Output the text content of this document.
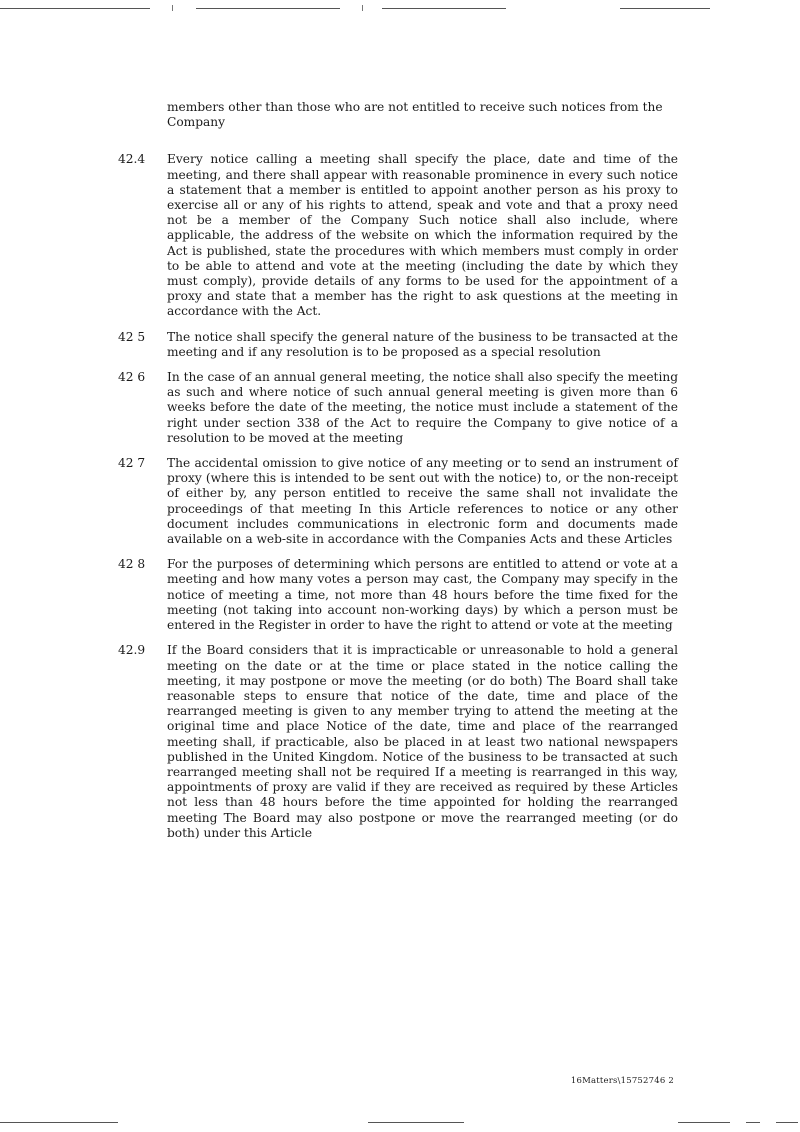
members other than those who are not entitled to receive such notices from the Company

42.4 Every notice calling a meeting shall specify the place, date and time of the meeting, and there shall appear with reasonable prominence in every such notice a statement that a member is entitled to appoint another person as his proxy to exercise all or any of his rights to attend, speak and vote and that a proxy need not be a member of the Company Such notice shall also include, where applicable, the address of the website on which the information required by the Act is published, state the procedures with which members must comply in order to be able to attend and vote at the meeting (including the date by which they must comply), provide details of any forms to be used for the appointment of a proxy and state that a member has the right to ask questions at the meeting in accordance with the Act.
42 5 The notice shall specify the general nature of the business to be transacted at the meeting and if any resolution is to be proposed as a special resolution
42 6 In the case of an annual general meeting, the notice shall also specify the meeting as such and where notice of such annual general meeting is given more than 6 weeks before the date of the meeting, the notice must include a statement of the right under section 338 of the Act to require the Company to give notice of a resolution to be moved at the meeting
42 7 The accidental omission to give notice of any meeting or to send an instrument of proxy (where this is intended to be sent out with the notice) to, or the non-receipt of either by, any person entitled to receive the same shall not invalidate the proceedings of that meeting In this Article references to notice or any other document includes communications in electronic form and documents made available on a web-site in accordance with the Companies Acts and these Articles
42 8 For the purposes of determining which persons are entitled to attend or vote at a meeting and how many votes a person may cast, the Company may specify in the notice of meeting a time, not more than 48 hours before the time fixed for the meeting (not taking into account non-working days) by which a person must be entered in the Register in order to have the right to attend or vote at the meeting
42.9 If the Board considers that it is impracticable or unreasonable to hold a general meeting on the date or at the time or place stated in the notice calling the meeting, it may postpone or move the meeting (or do both) The Board shall take reasonable steps to ensure that notice of the date, time and place of the rearranged meeting is given to any member trying to attend the meeting at the original time and place Notice of the date, time and place of the rearranged meeting shall, if practicable, also be placed in at least two national newspapers published in the United Kingdom. Notice of the business to be transacted at such rearranged meeting shall not be required If a meeting is rearranged in this way, appointments of proxy are valid if they are received as required by these Articles not less than 48 hours before the time appointed for holding the rearranged meeting The Board may also postpone or move the rearranged meeting (or do both) under this Article
16Matters\15752746 2
